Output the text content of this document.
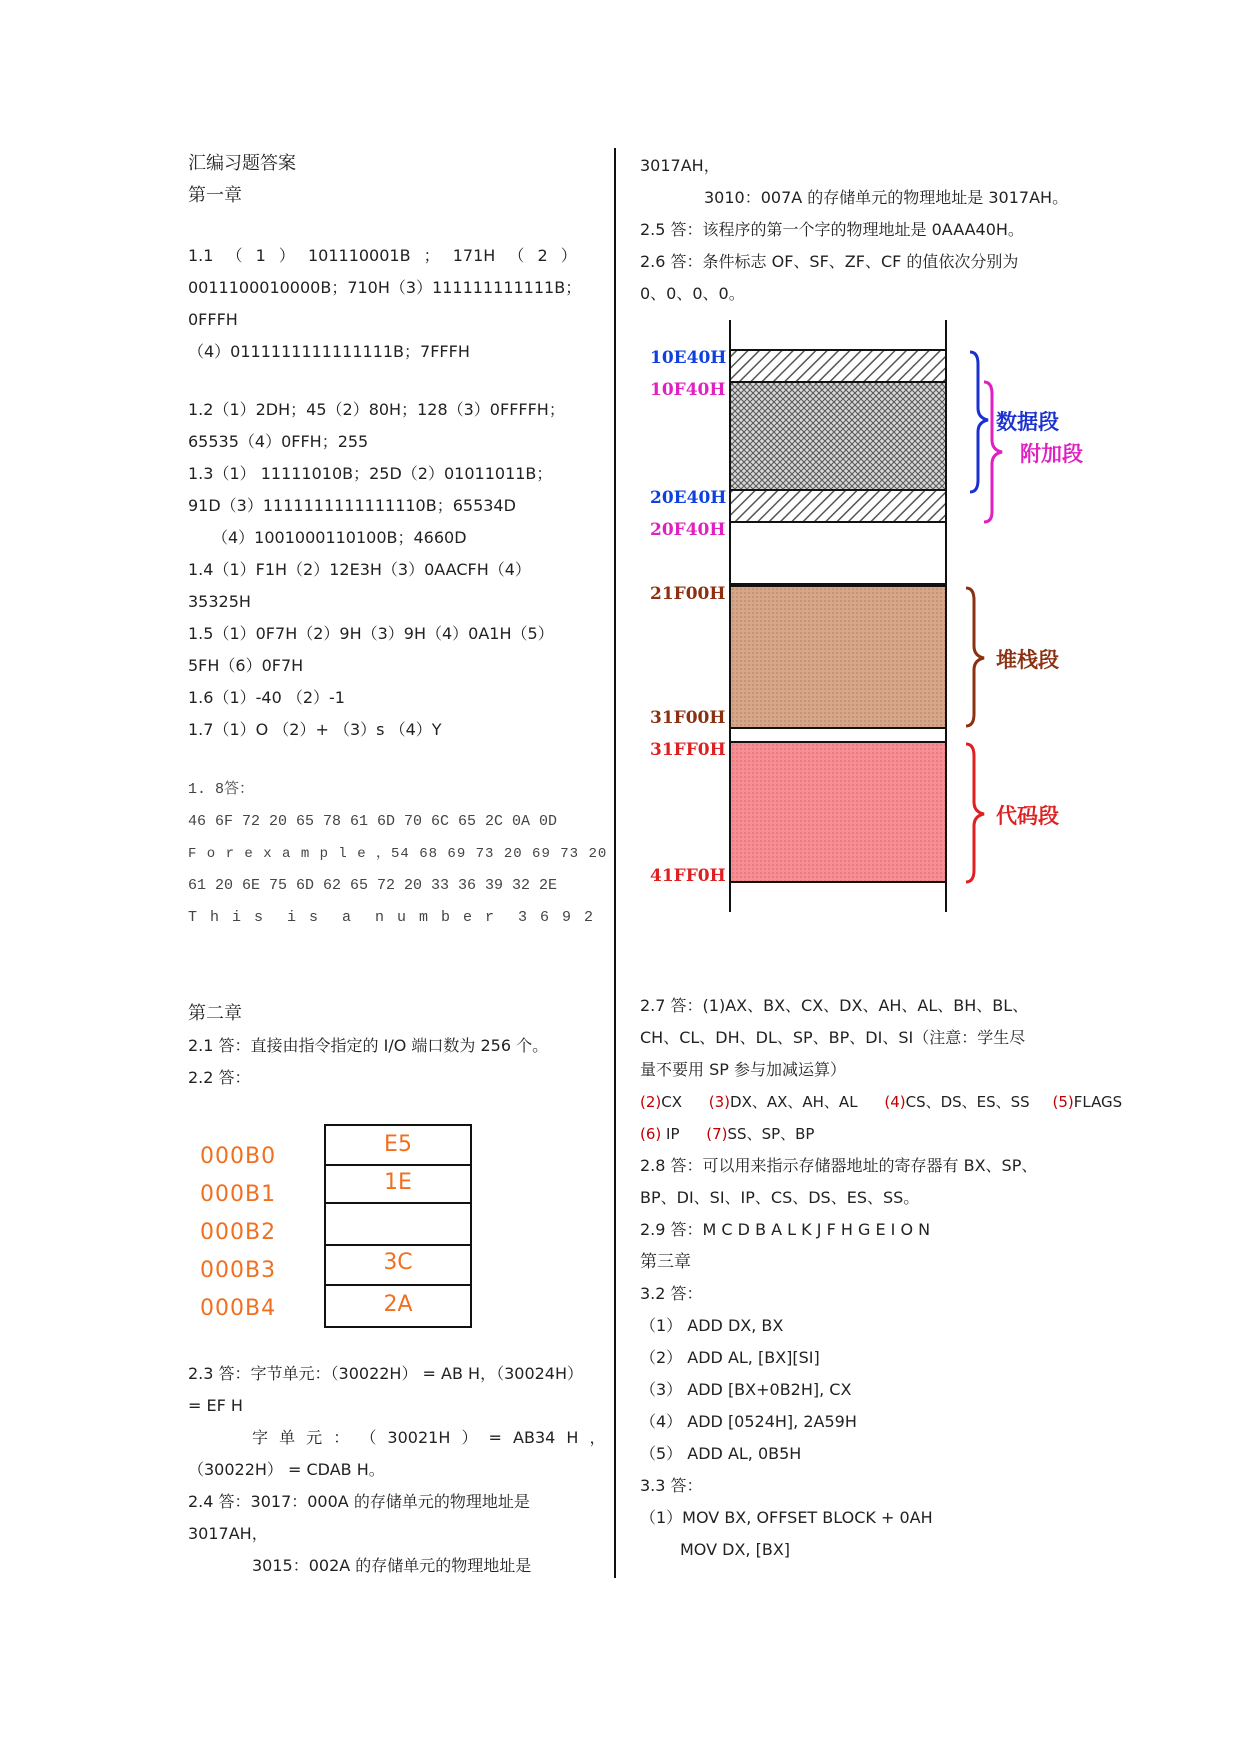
汇编习题答案
第一章
1.1 （ 1 ） 101110001B ； 171H （ 2 ）
0011100010000B；710H（3）111111111111B；
0FFFH
（4）0111111111111111B；7FFFH
1.2（1）2DH；45（2）80H；128（3）0FFFFH；
65535（4）0FFH；255
1.3（1） 11111010B；25D（2）01011011B；
91D（3）1111111111111110B；65534D
（4）1001000110100B；4660D
1.4（1）F1H（2）12E3H（3）0AACFH（4）
35325H
1.5（1）0F7H（2）9H（3）9H（4）0A1H（5）
5FH（6）0F7H
1.6（1）-40 （2）-1
1.7（1）O （2）+ （3）s （4）Y
1. 8答：
46 6F 72 20 65 78 61 6D 70 6C 65 2C 0A 0D
F o r e x a m p l e ，54 68 69 73 20 69 73 20
61 20 6E 75 6D 62 65 72 20 33 36 39 32 2E
T h i s  i s  a  n u m b e r  3 6 9 2
第二章
2.1 答：直接由指令指定的 I/O 端口数为 256 个。
2.2 答：
000B0
000B1
000B2
000B3
000B4
E5
1E
3C
2A
2.3 答：字节单元：（30022H） = AB H，（30024H）
= EF H
字 单 元 ： （ 30021H ） = AB34 H ，
（30022H） = CDAB H。
2.4 答：3017：000A 的存储单元的物理地址是
3017AH，
3015：002A 的存储单元的物理地址是
3017AH，
3010：007A 的存储单元的物理地址是 3017AH。
2.5 答：该程序的第一个字的物理地址是 0AAA40H。
2.6 答：条件标志 OF、SF、ZF、CF 的值依次分别为
0、0、0、0。
10E40H
10F40H
20E40H
20F40H
21F00H
31F00H
31FF0H
41FF0H
数据段
附加段
堆栈段
代码段
2.7 答：(1)AX、BX、CX、DX、AH、AL、BH、BL、
CH、CL、DH、DL、SP、BP、DI、SI（注意：学生尽
量不要用 SP 参与加减运算）
(2)CX (3)DX、AX、AH、AL (4)CS、DS、ES、SS (5)FLAGS
(6) IP (7)SS、SP、BP
2.8 答：可以用来指示存储器地址的寄存器有 BX、SP、
BP、DI、SI、IP、CS、DS、ES、SS。
2.9 答：M C D B A L K J F H G E I O N
第三章
3.2 答：
（1） ADD DX, BX
（2） ADD AL, [BX][SI]
（3） ADD [BX+0B2H], CX
（4） ADD [0524H], 2A59H
（5） ADD AL, 0B5H
3.3 答：
（1）MOV BX, OFFSET BLOCK + 0AH
MOV DX, [BX]
